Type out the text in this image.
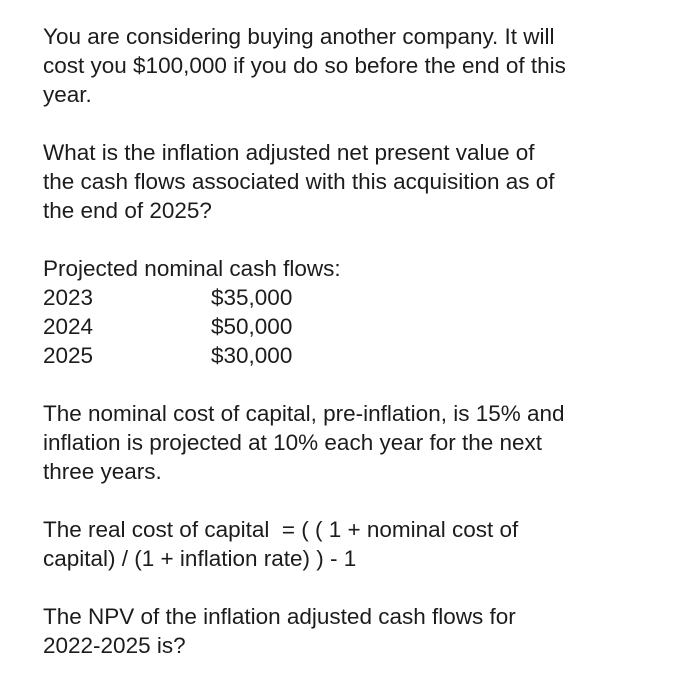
You are considering buying another company. It will
cost you $100,000 if you do so before the end of this
year.
What is the inflation adjusted net present value of
the cash flows associated with this acquisition as of
the end of 2025?
Projected nominal cash flows:
2023	$35,000
2024	$50,000
2025	$30,000
The nominal cost of capital, pre-inflation, is 15% and
inflation is projected at 10% each year for the next
three years.
The real cost of capital  = ( ( 1 + nominal cost of
capital) / (1 + inflation rate) ) - 1
The NPV of the inflation adjusted cash flows for
2022-2025 is?
